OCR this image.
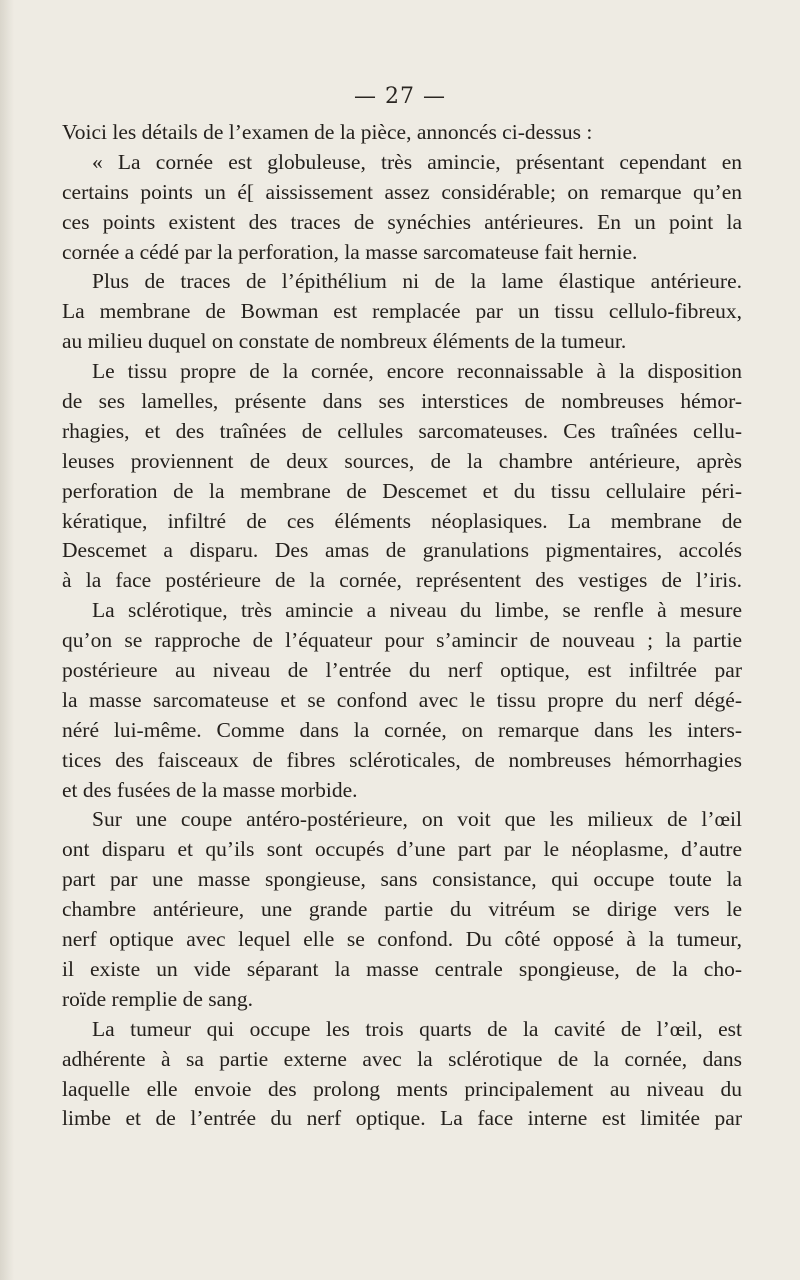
— 27 —
Voici les détails de l’examen de la pièce, annoncés ci-dessus :
« La cornée est globuleuse, très amincie, présentant cependant en
certains points un é[ aississement assez considérable; on remarque qu’en
ces points existent des traces de synéchies antérieures. En un point la
cornée a cédé par la perforation, la masse sarcomateuse fait hernie.
Plus de traces de l’épithélium ni de la lame élastique antérieure.
La membrane de Bowman est remplacée par un tissu cellulo-fibreux,
au milieu duquel on constate de nombreux éléments de la tumeur.
Le tissu propre de la cornée, encore reconnaissable à la disposition
de ses lamelles, présente dans ses interstices de nombreuses hémor-
rhagies, et des traînées de cellules sarcomateuses. Ces traînées cellu-
leuses proviennent de deux sources, de la chambre antérieure, après
perforation de la membrane de Descemet et du tissu cellulaire péri-
kératique, infiltré de ces éléments néoplasiques. La membrane de
Descemet a disparu. Des amas de granulations pigmentaires, accolés
à la face postérieure de la cornée, représentent des vestiges de l’iris.
La sclérotique, très amincie a niveau du limbe, se renfle à mesure
qu’on se rapproche de l’équateur pour s’amincir de nouveau ; la partie
postérieure au niveau de l’entrée du nerf optique, est infiltrée par
la masse sarcomateuse et se confond avec le tissu propre du nerf dégé-
néré lui-même. Comme dans la cornée, on remarque dans les inters-
tices des faisceaux de fibres scléroticales, de nombreuses hémorrhagies
et des fusées de la masse morbide.
Sur une coupe antéro-postérieure, on voit que les milieux de l’œil
ont disparu et qu’ils sont occupés d’une part par le néoplasme, d’autre
part par une masse spongieuse, sans consistance, qui occupe toute la
chambre antérieure, une grande partie du vitréum se dirige vers le
nerf optique avec lequel elle se confond. Du côté opposé à la tumeur,
il existe un vide séparant la masse centrale spongieuse, de la cho-
roïde remplie de sang.
La tumeur qui occupe les trois quarts de la cavité de l’œil, est
adhérente à sa partie externe avec la sclérotique de la cornée, dans
laquelle elle envoie des prolong ments principalement au niveau du
limbe et de l’entrée du nerf optique. La face interne est limitée par
